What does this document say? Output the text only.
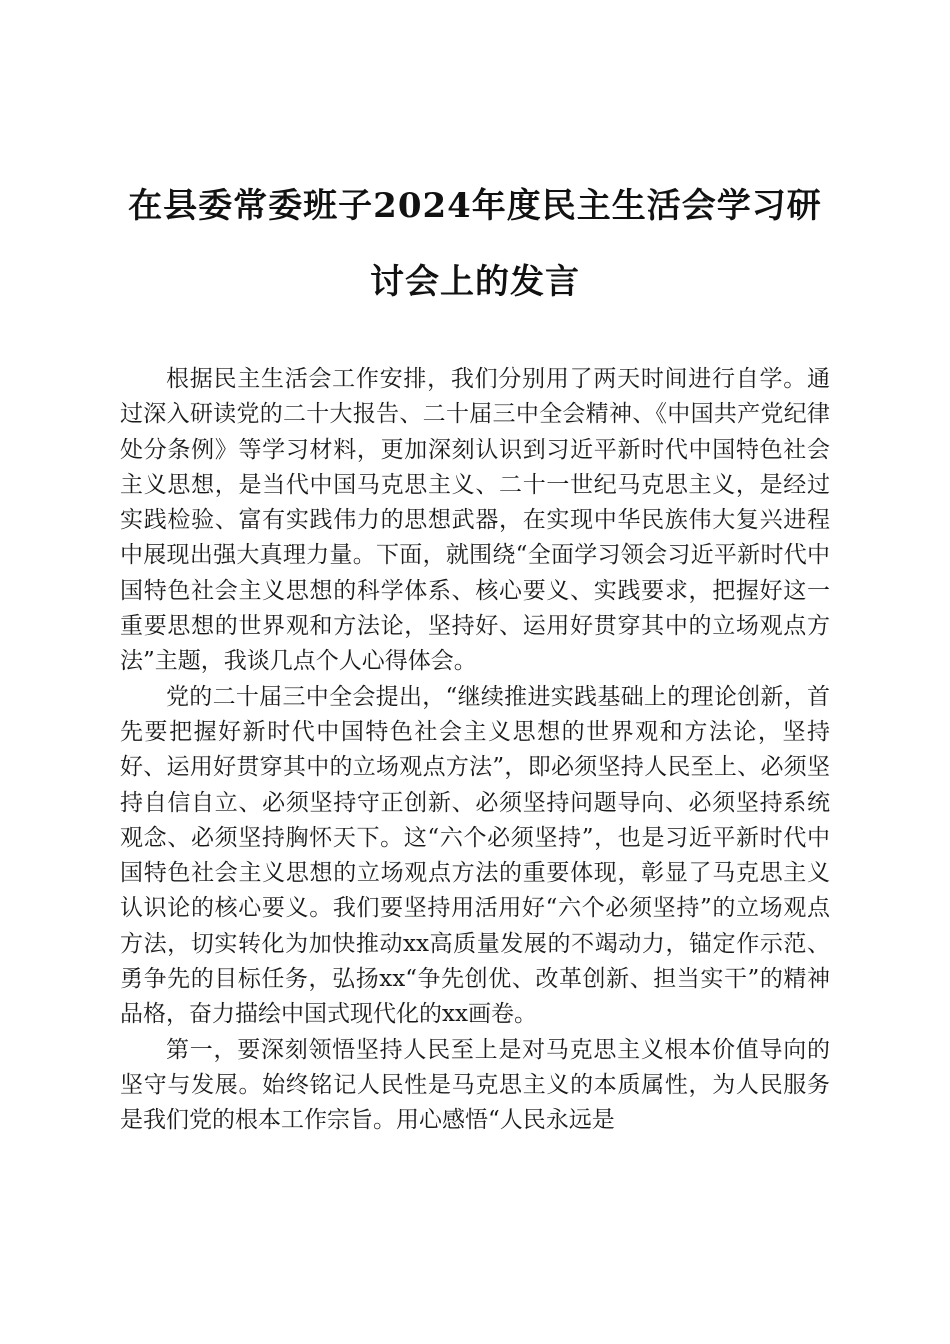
在县委常委班子2024年度民主生活会学习研
讨会上的发言

根据民主生活会工作安排，我们分别用了两天时间进行自学。通过深入研读党的二十大报告、二十届三中全会精神、《中国共产党纪律处分条例》等学习材料，更加深刻认识到习近平新时代中国特色社会主义思想，是当代中国马克思主义、二十一世纪马克思主义，是经过实践检验、富有实践伟力的思想武器，在实现中华民族伟大复兴进程中展现出强大真理力量。下面，就围绕“全面学习领会习近平新时代中国特色社会主义思想的科学体系、核心要义、实践要求，把握好这一重要思想的世界观和方法论，坚持好、运用好贯穿其中的立场观点方法”主题，我谈几点个人心得体会。

党的二十届三中全会提出，“继续推进实践基础上的理论创新，首先要把握好新时代中国特色社会主义思想的世界观和方法论，坚持好、运用好贯穿其中的立场观点方法”，即必须坚持人民至上、必须坚持自信自立、必须坚持守正创新、必须坚持问题导向、必须坚持系统观念、必须坚持胸怀天下。这“六个必须坚持”，也是习近平新时代中国特色社会主义思想的立场观点方法的重要体现，彰显了马克思主义认识论的核心要义。我们要坚持用活用好“六个必须坚持”的立场观点方法，切实转化为加快推动xx高质量发展的不竭动力，锚定作示范、勇争先的目标任务，弘扬xx“争先创优、改革创新、担当实干”的精神品格，奋力描绘中国式现代化的xx画卷。

第一，要深刻领悟坚持人民至上是对马克思主义根本价值导向的坚守与发展。始终铭记人民性是马克思主义的本质属性，为人民服务是我们党的根本工作宗旨。用心感悟“人民永远是
